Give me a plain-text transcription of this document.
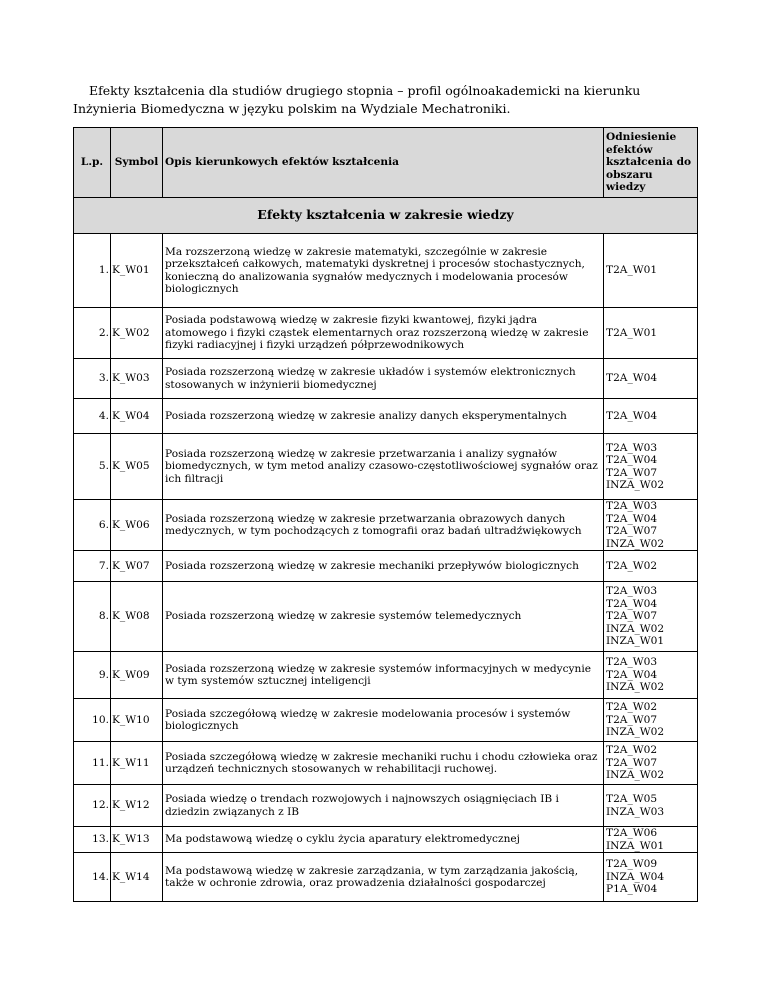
Efekty kształcenia dla studiów drugiego stopnia – profil ogólnoakademicki na kierunku Inżynieria Biomedyczna w języku polskim na Wydziale Mechatroniki.
L.p.	Symbol	Opis kierunkowych efektów kształcenia	Odniesienie efektów kształcenia do obszaru wiedzy
Efekty kształcenia w zakresie wiedzy			
1.	K_W01	Ma rozszerzoną wiedzę w zakresie matematyki, szczególnie w zakresie przekształceń całkowych, matematyki dyskretnej i procesów stochastycznych, konieczną do analizowania sygnałów medycznych i modelowania procesów biologicznych	T2A_W01

2.	K_W02	Posiada podstawową wiedzę w zakresie fizyki kwantowej, fizyki jądra atomowego i fizyki cząstek elementarnych oraz rozszerzoną wiedzę w zakresie fizyki radiacyjnej i fizyki urządzeń półprzewodnikowych	T2A_W01

3.	K_W03	Posiada rozszerzoną wiedzę w zakresie układów i systemów elektronicznych stosowanych w inżynierii biomedycznej	T2A_W04

4.	K_W04	Posiada rozszerzoną wiedzę w zakresie analizy danych eksperymentalnych	T2A_W04

5.	K_W05	Posiada rozszerzoną wiedzę w zakresie przetwarzania i analizy sygnałów biomedycznych, w tym metod analizy czasowo-częstotliwościowej sygnałów oraz ich filtracji	T2A_W03
T2A_W04
T2A_W07
INZA_W02

6.	K_W06	Posiada rozszerzoną wiedzę w zakresie przetwarzania obrazowych danych medycznych, w tym pochodzących z tomografii oraz badań ultradźwiękowych	T2A_W03
T2A_W04
T2A_W07
INZA_W02

7.	K_W07	Posiada rozszerzoną wiedzę w zakresie mechaniki przepływów biologicznych	T2A_W02

8.	K_W08	Posiada rozszerzoną wiedzę w zakresie systemów telemedycznych	T2A_W03
T2A_W04
T2A_W07
INZA_W02
INZA_W01

9.	K_W09	Posiada rozszerzoną wiedzę w zakresie systemów informacyjnych w medycynie w tym systemów sztucznej inteligencji	T2A_W03
T2A_W04
INZA_W02

10.	K_W10	Posiada szczegółową wiedzę w zakresie modelowania procesów i systemów biologicznych	T2A_W02
T2A_W07
INZA_W02

11.	K_W11	Posiada szczegółową wiedzę w zakresie mechaniki ruchu i chodu człowieka oraz urządzeń technicznych stosowanych w rehabilitacji ruchowej.	T2A_W02
T2A_W07
INZA_W02

12.	K_W12	Posiada wiedzę o trendach rozwojowych i najnowszych osiągnięciach IB i dziedzin związanych z IB	T2A_W05
INZA_W03

13.	K_W13	Ma podstawową wiedzę o cyklu życia aparatury elektromedycznej	T2A_W06
INZA_W01

14.	K_W14	Ma podstawową wiedzę w zakresie zarządzania, w tym zarządzania jakością, także w ochronie zdrowia, oraz prowadzenia działalności gospodarczej	T2A_W09
INZA_W04
P1A_W04
